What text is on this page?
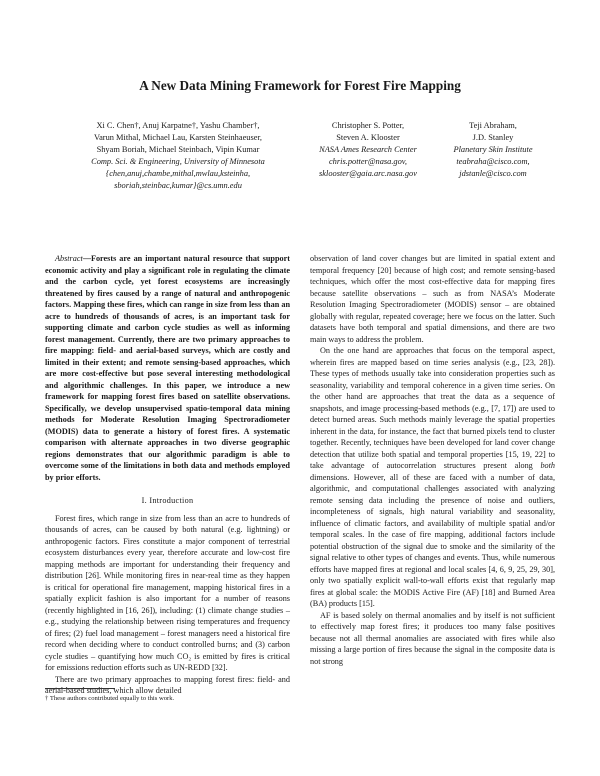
A New Data Mining Framework for Forest Fire Mapping
Xi C. Chen†, Anuj Karpatne†, Yashu Chamber†,
Varun Mithal, Michael Lau, Karsten Steinhaeuser,
Shyam Boriah, Michael Steinbach, Vipin Kumar
Comp. Sci. & Engineering, University of Minnesota
{chen,anuj,chambe,mithal,mwlau,ksteinha,
sboriah,steinbac,kumar}@cs.umn.edu
Christopher S. Potter,
Steven A. Klooster
NASA Ames Research Center
chris.potter@nasa.gov,
sklooster@gaia.arc.nasa.gov
Teji Abraham,
J.D. Stanley
Planetary Skin Institute
teabraha@cisco.com,
jdstanle@cisco.com

Abstract—Forests are an important natural resource that support economic activity and play a significant role in regulating the climate and the carbon cycle, yet forest ecosystems are increasingly threatened by fires caused by a range of natural and anthropogenic factors. Mapping these fires, which can range in size from less than an acre to hundreds of thousands of acres, is an important task for supporting climate and carbon cycle studies as well as informing forest management. Currently, there are two primary approaches to fire mapping: field- and aerial-based surveys, which are costly and limited in their extent; and remote sensing-based approaches, which are more cost-effective but pose several interesting methodological and algorithmic challenges. In this paper, we introduce a new framework for mapping forest fires based on satellite observations. Specifically, we develop unsupervised spatio-temporal data mining methods for Moderate Resolution Imaging Spectroradiometer (MODIS) data to generate a history of forest fires. A systematic comparison with alternate approaches in two diverse geographic regions demonstrates that our algorithmic paradigm is able to overcome some of the limitations in both data and methods employed by prior efforts.

I. Introduction

Forest fires, which range in size from less than an acre to hundreds of thousands of acres, can be caused by both natural (e.g. lightning) or anthropogenic factors. Fires constitute a major component of terrestrial ecosystem disturbances every year, therefore accurate and low-cost fire mapping methods are important for understanding their frequency and distribution [26]. While monitoring fires in near-real time as they happen is critical for operational fire management, mapping historical fires in a spatially explicit fashion is also important for a number of reasons (recently highlighted in [16, 26]), including: (1) climate change studies – e.g., studying the relationship between rising temperatures and frequency of fires; (2) fuel load management – forest managers need a historical fire record when deciding where to conduct controlled burns; and (3) carbon cycle studies – quantifying how much CO₂ is emitted by fires is critical for emissions reduction efforts such as UN-REDD [32].

There are two primary approaches to mapping forest fires: field- and aerial-based studies, which allow detailed

† These authors contributed equally to this work.

observation of land cover changes but are limited in spatial extent and temporal frequency [20] because of high cost; and remote sensing-based techniques, which offer the most cost-effective data for mapping fires because satellite observations – such as from NASA’s Moderate Resolution Imaging Spectroradiometer (MODIS) sensor – are obtained globally with regular, repeated coverage; here we focus on the latter. Such datasets have both temporal and spatial dimensions, and there are two main ways to address the problem.

On the one hand are approaches that focus on the temporal aspect, wherein fires are mapped based on time series analysis (e.g., [23, 28]). These types of methods usually take into consideration properties such as seasonality, variability and temporal coherence in a given time series. On the other hand are approaches that treat the data as a sequence of snapshots, and image processing-based methods (e.g., [7, 17]) are used to detect burned areas. Such methods mainly leverage the spatial properties inherent in the data, for instance, the fact that burned pixels tend to cluster together. Recently, techniques have been developed for land cover change detection that utilize both spatial and temporal properties [15, 19, 22] to take advantage of autocorrelation structures present along both dimensions. However, all of these are faced with a number of data, algorithmic, and computational challenges associated with analyzing remote sensing data including the presence of noise and outliers, incompleteness of signals, high natural variability and seasonality, influence of climatic factors, and availability of multiple spatial and/or temporal scales. In the case of fire mapping, additional factors include potential obstruction of the signal due to smoke and the similarity of the signal relative to other types of changes and events. Thus, while numerous efforts have mapped fires at regional and local scales [4, 6, 9, 25, 29, 30], only two spatially explicit wall-to-wall efforts exist that regularly map fires at global scale: the MODIS Active Fire (AF) [18] and Burned Area (BA) products [15].

AF is based solely on thermal anomalies and by itself is not sufficient to effectively map forest fires; it produces too many false positives because not all thermal anomalies are associated with fires while also missing a large portion of fires because the signal in the composite data is not strong
